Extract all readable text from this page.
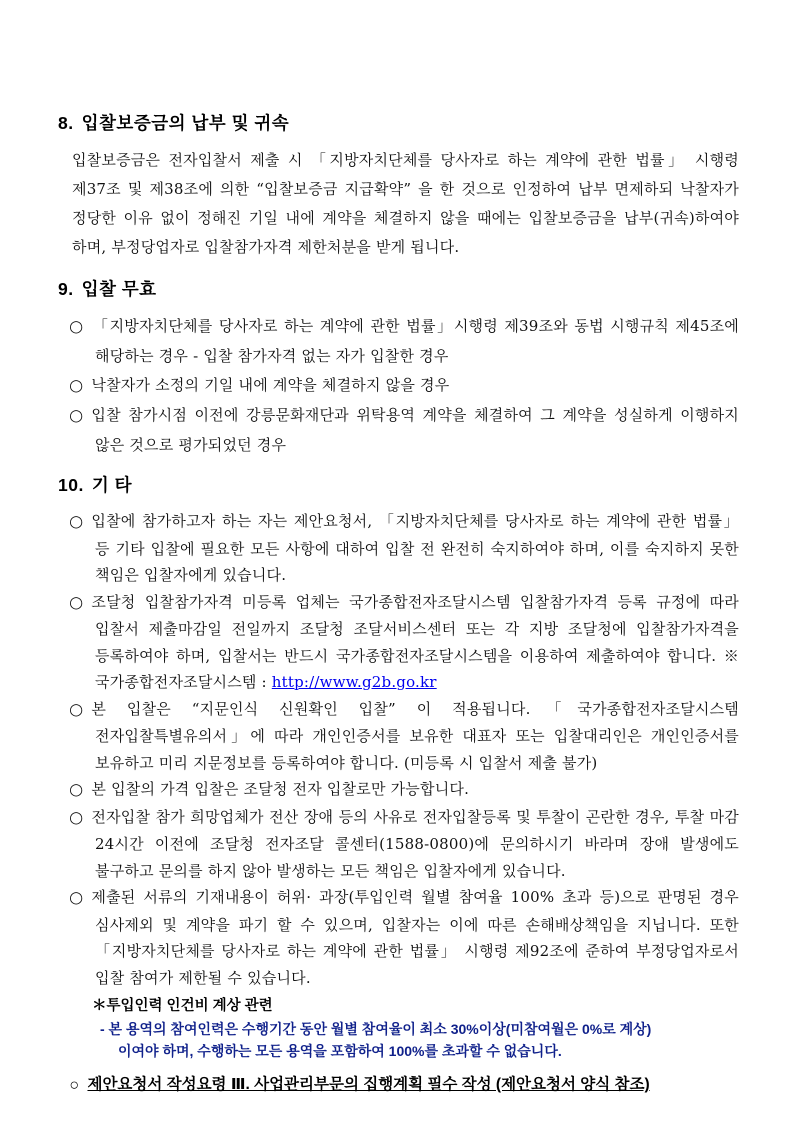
8. 입찰보증금의 납부 및 귀속

입찰보증금은 전자입찰서 제출 시 「지방자치단체를 당사자로 하는 계약에 관한 법률」 시행령 제37조 및 제38조에 의한 “입찰보증금 지급확약” 을 한 것으로 인정하여 납부 면제하되 낙찰자가 정당한 이유 없이 정해진 기일 내에 계약을 체결하지 않을 때에는 입찰보증금을 납부(귀속)하여야 하며, 부정당업자로 입찰참가자격 제한처분을 받게 됩니다.

9. 입찰 무효

○ 「지방자치단체를 당사자로 하는 계약에 관한 법률」시행령 제39조와 동법 시행규칙 제45조에 해당하는 경우 - 입찰 참가자격 없는 자가 입찰한 경우

○ 낙찰자가 소정의 기일 내에 계약을 체결하지 않을 경우

○ 입찰 참가시점 이전에 강릉문화재단과 위탁용역 계약을 체결하여 그 계약을 성실하게 이행하지 않은 것으로 평가되었던 경우

10. 기 타

○ 입찰에 참가하고자 하는 자는 제안요청서, 「지방자치단체를 당사자로 하는 계약에 관한 법률」 등 기타 입찰에 필요한 모든 사항에 대하여 입찰 전 완전히 숙지하여야 하며, 이를 숙지하지 못한 책임은 입찰자에게 있습니다.

○ 조달청 입찰참가자격 미등록 업체는 국가종합전자조달시스템 입찰참가자격 등록 규정에 따라 입찰서 제출마감일 전일까지 조달청 조달서비스센터 또는 각 지방 조달청에 입찰참가자격을 등록하여야 하며, 입찰서는 반드시 국가종합전자조달시스템을 이용하여 제출하여야 합니다. ※국가종합전자조달시스템 : http://www.g2b.go.kr

○ 본 입찰은 “지문인식 신원확인 입찰” 이 적용됩니다.「국가종합전자조달시스템 전자입찰특별유의서」에 따라 개인인증서를 보유한 대표자 또는 입찰대리인은 개인인증서를 보유하고 미리 지문정보를 등록하여야 합니다. (미등록 시 입찰서 제출 불가)

○ 본 입찰의 가격 입찰은 조달청 전자 입찰로만 가능합니다.

○ 전자입찰 참가 희망업체가 전산 장애 등의 사유로 전자입찰등록 및 투찰이 곤란한 경우, 투찰 마감 24시간 이전에 조달청 전자조달 콜센터(1588-0800)에 문의하시기 바라며 장애 발생에도 불구하고 문의를 하지 않아 발생하는 모든 책임은 입찰자에게 있습니다.

○ 제출된 서류의 기재내용이 허위· 과장(투입인력 월별 참여율 100% 초과 등)으로 판명된 경우 심사제외 및 계약을 파기 할 수 있으며, 입찰자는 이에 따른 손해배상책임을 지닙니다. 또한 「지방자치단체를 당사자로 하는 계약에 관한 법률」 시행령 제92조에 준하여 부정당업자로서 입찰 참여가 제한될 수 있습니다.

＊투입인력 인건비 계상 관련

- 본 용역의 참여인력은 수행기간 동안 월별 참여율이 최소 30%이상(미참여월은 0%로 계상)

이여야 하며, 수행하는 모든 용역을 포함하여 100%를 초과할 수 없습니다.

○ 제안요청서 작성요령 Ⅲ. 사업관리부문의 집행계획 필수 작성 (제안요청서 양식 참조)
